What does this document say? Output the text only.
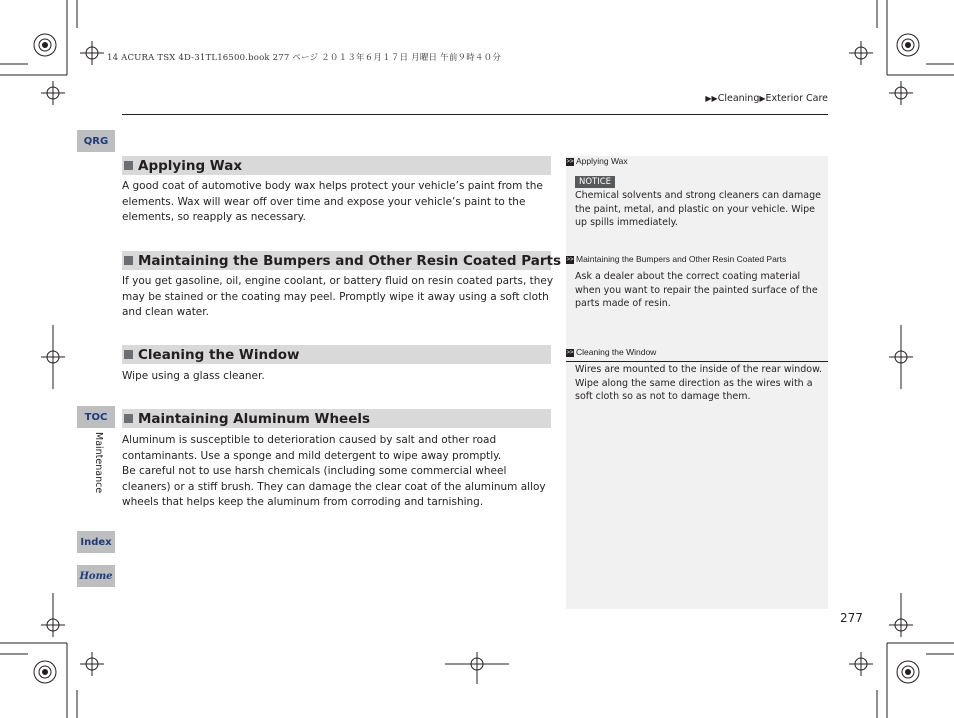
14 ACURA TSX 4D-31TL16500.book 277 ページ ２０１３年６月１７日 月曜日 午前９時４０分
▶▶Cleaning▶Exterior Care
QRG
TOC
Maintenance
Index
Home
Applying Wax
A good coat of automotive body wax helps protect your vehicle’s paint from the elements. Wax will wear off over time and expose your vehicle’s paint to the elements, so reapply as necessary.
Maintaining the Bumpers and Other Resin Coated Parts
If you get gasoline, oil, engine coolant, or battery fluid on resin coated parts, they may be stained or the coating may peel. Promptly wipe it away using a soft cloth and clean water.
Cleaning the Window
Wipe using a glass cleaner.
Maintaining Aluminum Wheels
Aluminum is susceptible to deterioration caused by salt and other road contaminants. Use a sponge and mild detergent to wipe away promptly.
Be careful not to use harsh chemicals (including some commercial wheel cleaners) or a stiff brush. They can damage the clear coat of the aluminum alloy wheels that helps keep the aluminum from corroding and tarnishing.
>> Applying Wax
NOTICE
Chemical solvents and strong cleaners can damage the paint, metal, and plastic on your vehicle. Wipe up spills immediately.
>> Maintaining the Bumpers and Other Resin Coated Parts
Ask a dealer about the correct coating material when you want to repair the painted surface of the parts made of resin.
>> Cleaning the Window
Wires are mounted to the inside of the rear window. Wipe along the same direction as the wires with a soft cloth so as not to damage them.
277
